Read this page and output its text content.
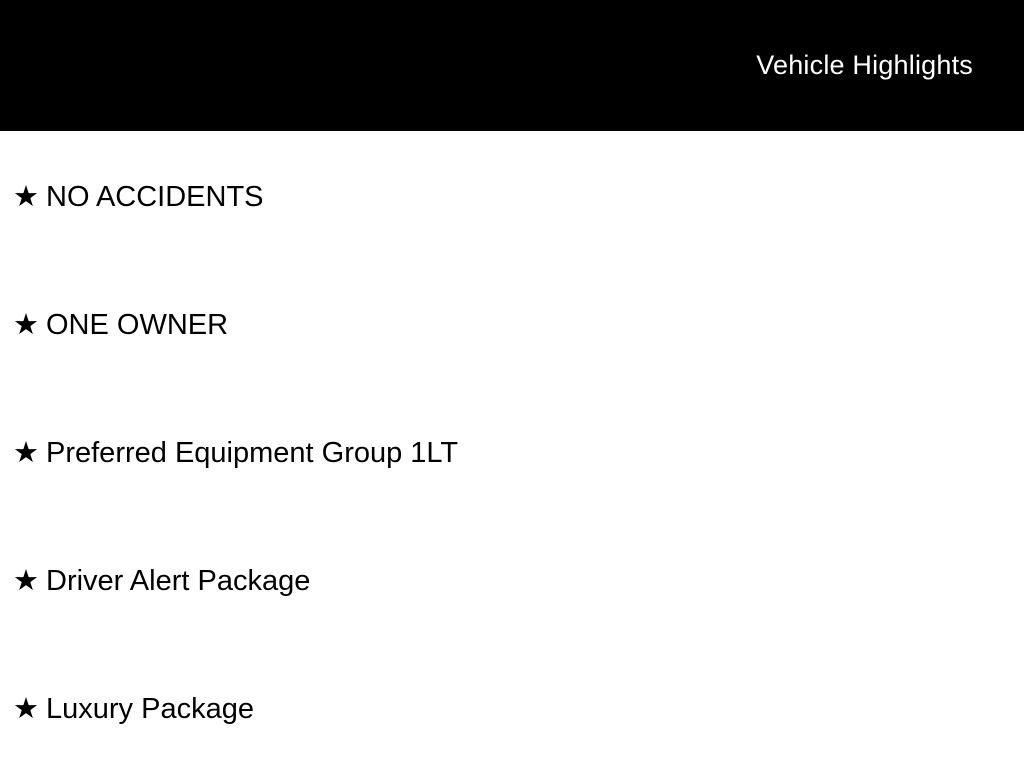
Vehicle Highlights
★ NO ACCIDENTS
★ ONE OWNER
★ Preferred Equipment Group 1LT
★ Driver Alert Package
★ Luxury Package
